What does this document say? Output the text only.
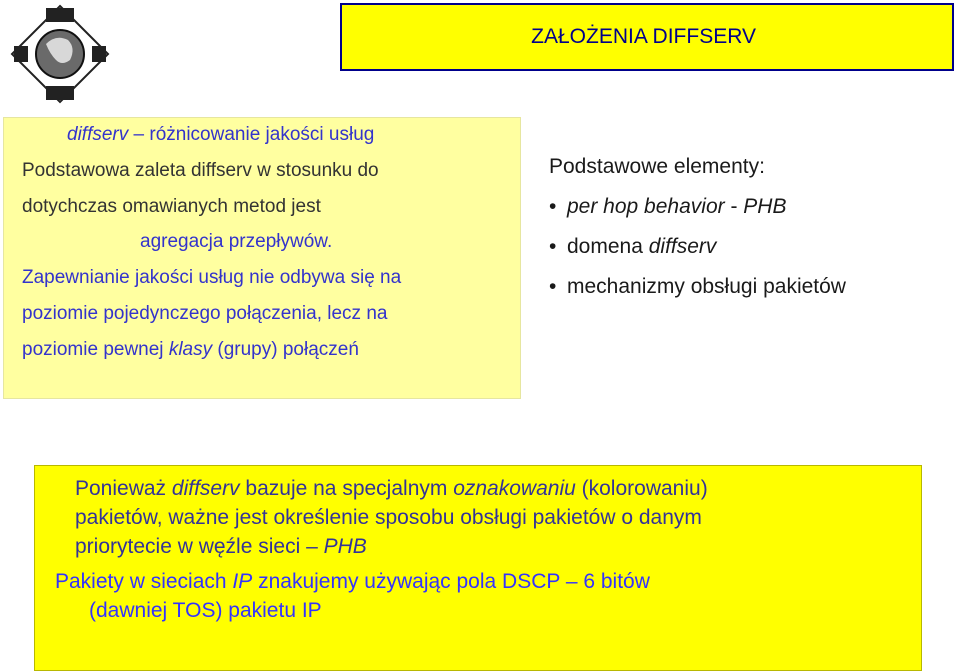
ZAŁOŻENIA DIFFSERV
diffserv – różnicowanie jakości usług
Podstawowa zaleta diffserv w stosunku do
dotychczas omawianych metod jest
agregacja przepływów.
Zapewnianie jakości usług nie odbywa się na
poziomie pojedynczego połączenia, lecz na
poziomie pewnej klasy (grupy) połączeń
Podstawowe elementy:
• per hop behavior - PHB
• domena diffserv
• mechanizmy obsługi pakietów
Ponieważ diffserv bazuje na specjalnym oznakowaniu (kolorowaniu)
pakietów, ważne jest określenie sposobu obsługi pakietów o danym
priorytecie w węźle sieci – PHB
Pakiety w sieciach IP znakujemy używając pola DSCP – 6 bitów
(dawniej TOS) pakietu IP
